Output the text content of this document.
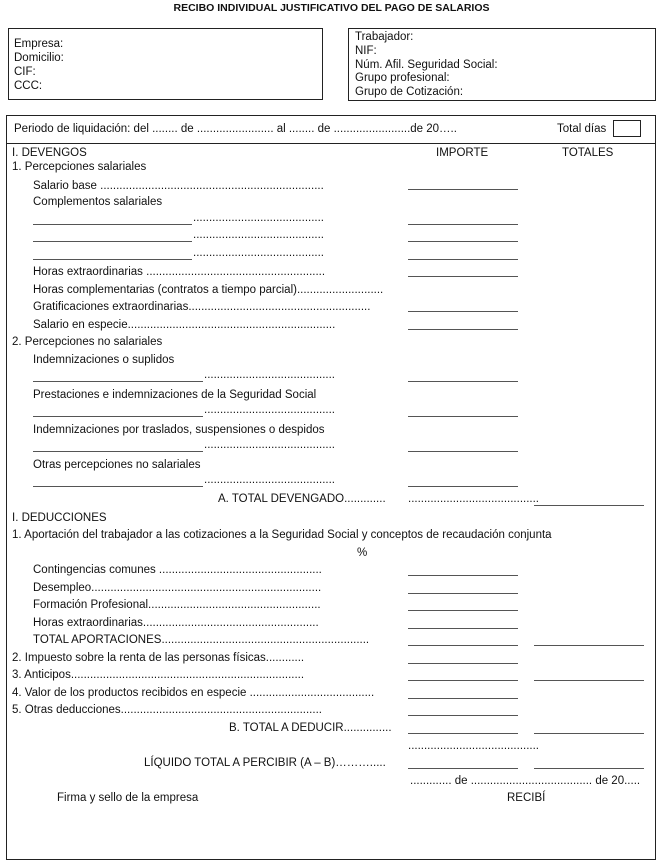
RECIBO INDIVIDUAL JUSTIFICATIVO DEL PAGO DE SALARIOS
Empresa:
Domicilio:
CIF:
CCC:
Trabajador:
NIF:
Núm. Afil. Seguridad Social:
Grupo profesional:
Grupo de Cotización:
Periodo de liquidación: del ........ de ........................ al ........ de ........................de 20…..	Total días
I. DEVENGOS	IMPORTE	TOTALES
1. Percepciones salariales
Salario base ......................................................................
Complementos salariales
.........................................
.........................................
.........................................
Horas extraordinarias ........................................................
Horas complementarias (contratos a tiempo parcial)...........................
Gratificaciones extraordinarias.........................................................
Salario en especie.................................................................
2. Percepciones no salariales
Indemnizaciones o suplidos
.........................................
Prestaciones e indemnizaciones de la Seguridad Social
.........................................
Indemnizaciones por traslados, suspensiones o despidos
.........................................
Otras percepciones no salariales
.........................................
A. TOTAL DEVENGADO............. .........................................
I. DEDUCCIONES
1. Aportación del trabajador a las cotizaciones a la Seguridad Social y conceptos de recaudación conjunta
%
Contingencias comunes ...................................................
Desempleo........................................................................
Formación Profesional......................................................
Horas extraordinarias.......................................................
TOTAL APORTACIONES.................................................................
2. Impuesto sobre la renta de las personas físicas............
3. Anticipos.........................................................................
4. Valor de los productos recibidos en especie .......................................
5. Otras deducciones...............................................................
B. TOTAL A DEDUCIR...............
.........................................
LÍQUIDO TOTAL A PERCIBIR (A – B)……….....
............. de ...................................... de 20.....
Firma y sello de la empresa	RECIBÍ
